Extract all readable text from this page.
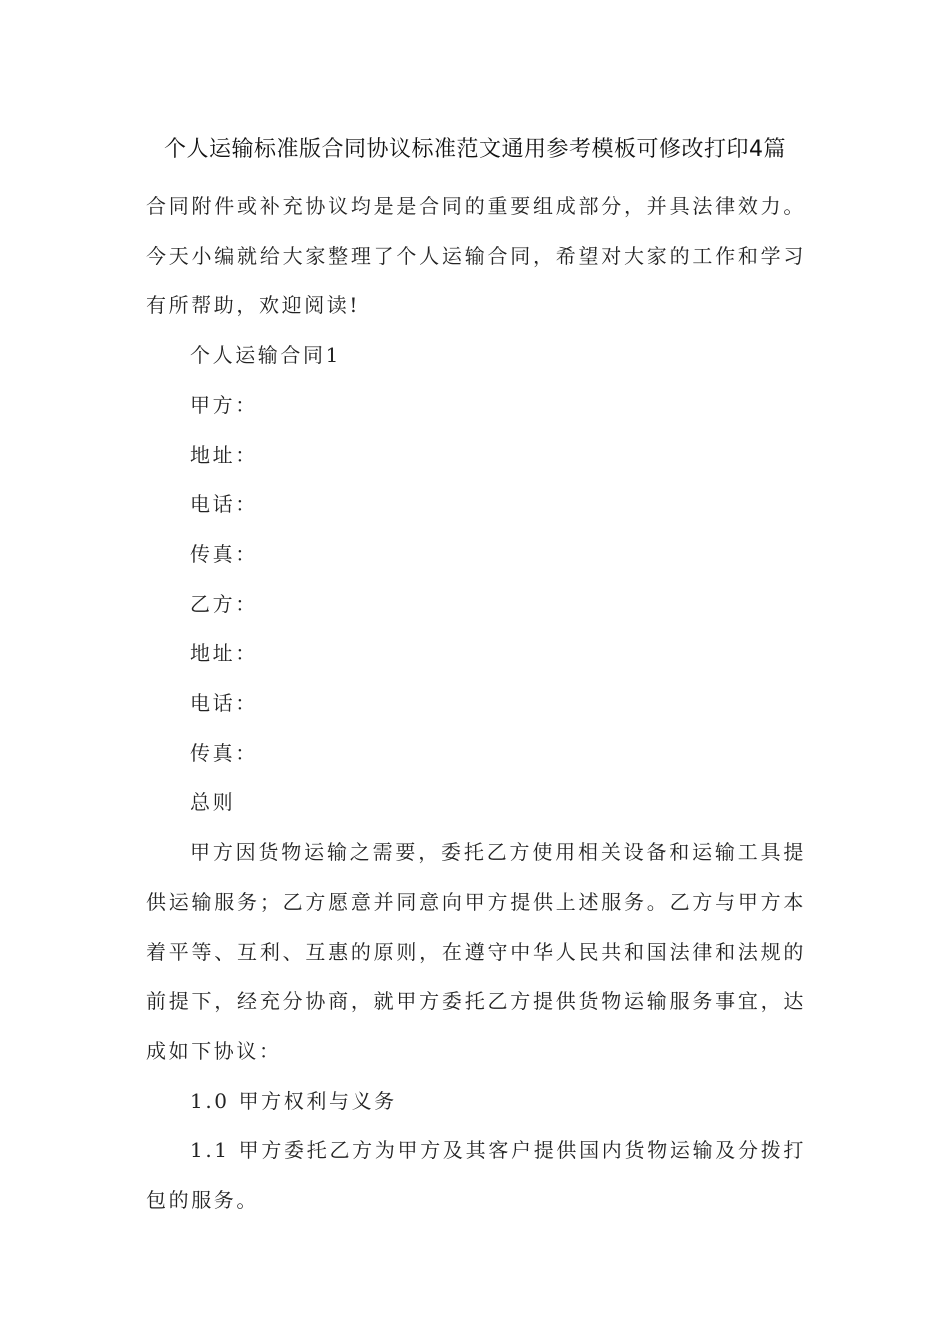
个人运输标准版合同协议标准范文通用参考模板可修改打印4篇

合同附件或补充协议均是是合同的重要组成部分，并具法律效力。今天小编就给大家整理了个人运输合同，希望对大家的工作和学习有所帮助，欢迎阅读!

个人运输合同1

甲方：

地址：

电话：

传真：

乙方：

地址：

电话：

传真：

总则

甲方因货物运输之需要，委托乙方使用相关设备和运输工具提供运输服务；乙方愿意并同意向甲方提供上述服务。乙方与甲方本着平等、互利、互惠的原则，在遵守中华人民共和国法律和法规的前提下，经充分协商，就甲方委托乙方提供货物运输服务事宜，达成如下协议：

1.0 甲方权利与义务

1.1 甲方委托乙方为甲方及其客户提供国内货物运输及分拨打包的服务。
